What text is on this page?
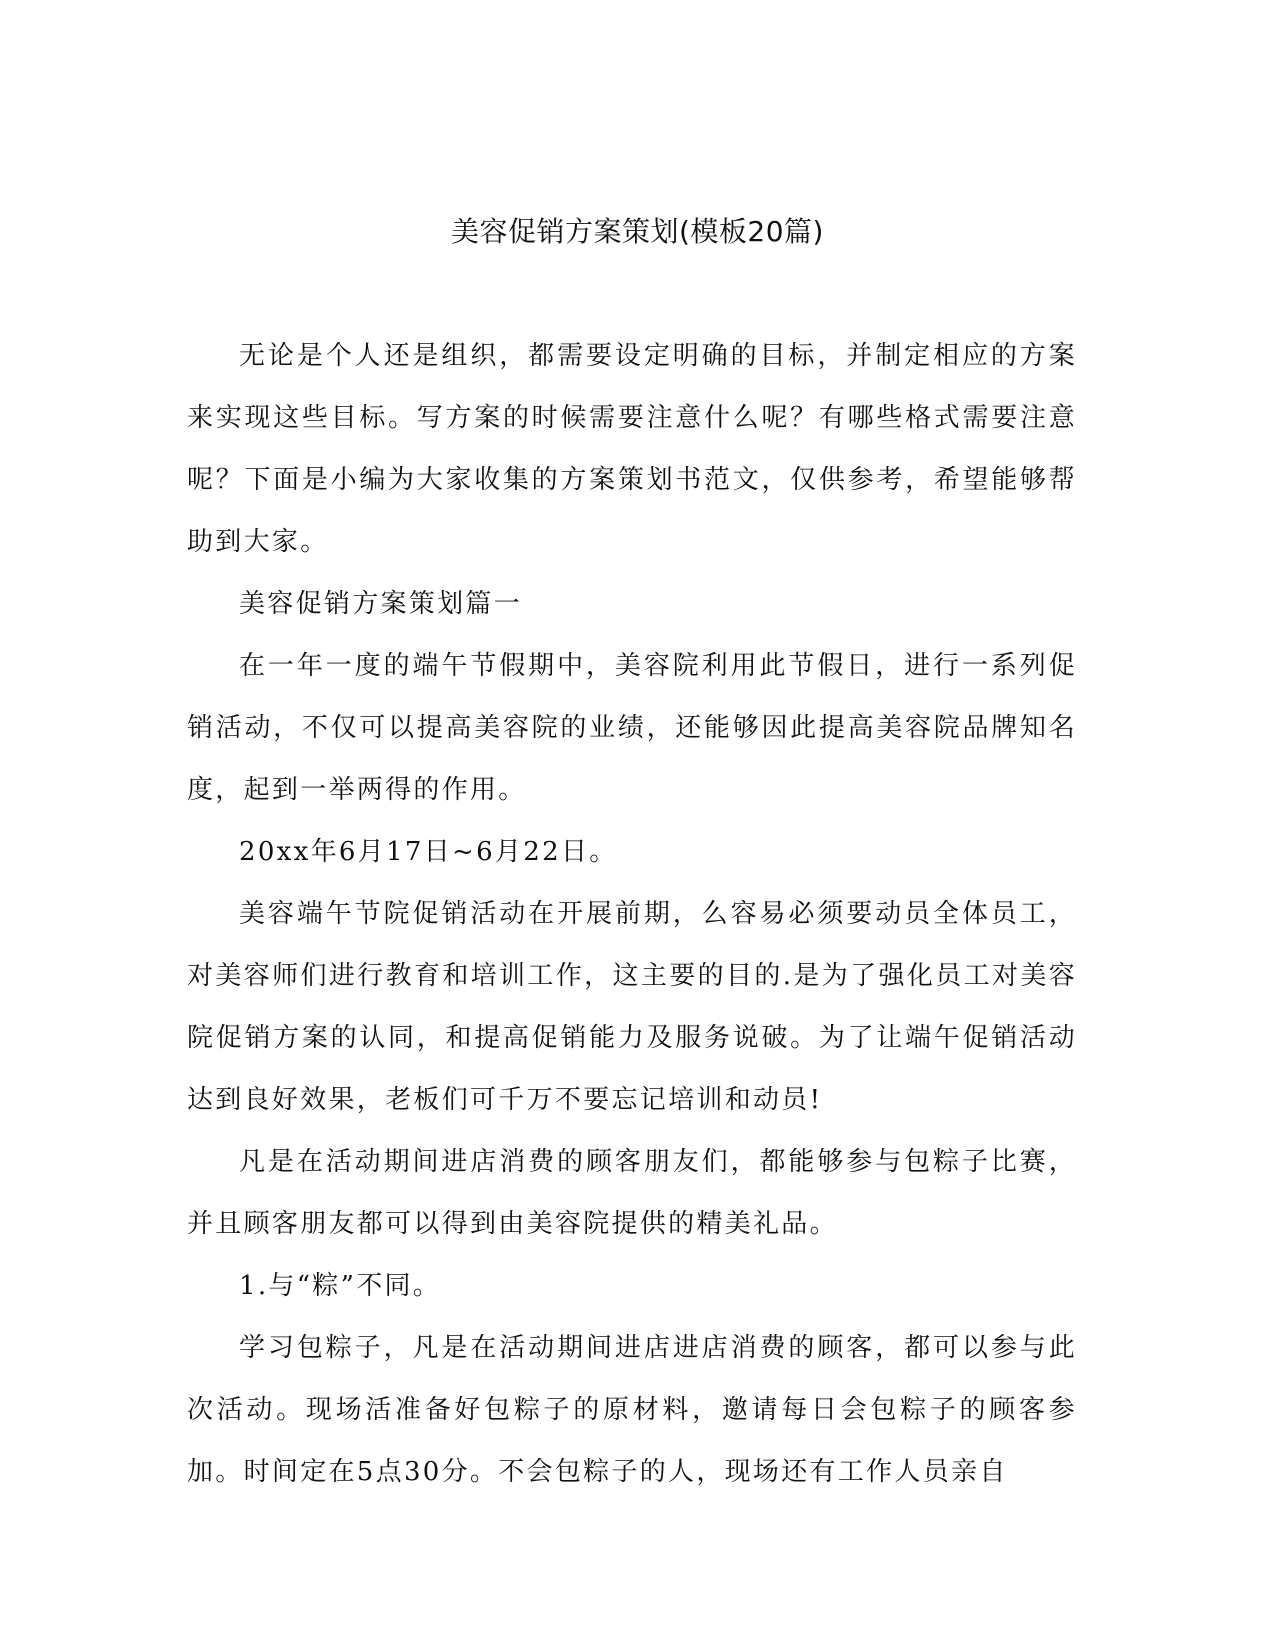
美容促销方案策划(模板20篇)

无论是个人还是组织，都需要设定明确的目标，并制定相应的方案来实现这些目标。写方案的时候需要注意什么呢？有哪些格式需要注意呢？下面是小编为大家收集的方案策划书范文，仅供参考，希望能够帮助到大家。

美容促销方案策划篇一

在一年一度的端午节假期中，美容院利用此节假日，进行一系列促销活动，不仅可以提高美容院的业绩，还能够因此提高美容院品牌知名度，起到一举两得的作用。

20xx年6月17日~6月22日。

美容端午节院促销活动在开展前期，么容易必须要动员全体员工，对美容师们进行教育和培训工作，这主要的目的.是为了强化员工对美容院促销方案的认同，和提高促销能力及服务说破。为了让端午促销活动达到良好效果，老板们可千万不要忘记培训和动员!

凡是在活动期间进店消费的顾客朋友们，都能够参与包粽子比赛，并且顾客朋友都可以得到由美容院提供的精美礼品。

1.与“粽”不同。

学习包粽子，凡是在活动期间进店进店消费的顾客，都可以参与此次活动。现场活准备好包粽子的原材料，邀请每日会包粽子的顾客参加。时间定在5点30分。不会包粽子的人，现场还有工作人员亲自
